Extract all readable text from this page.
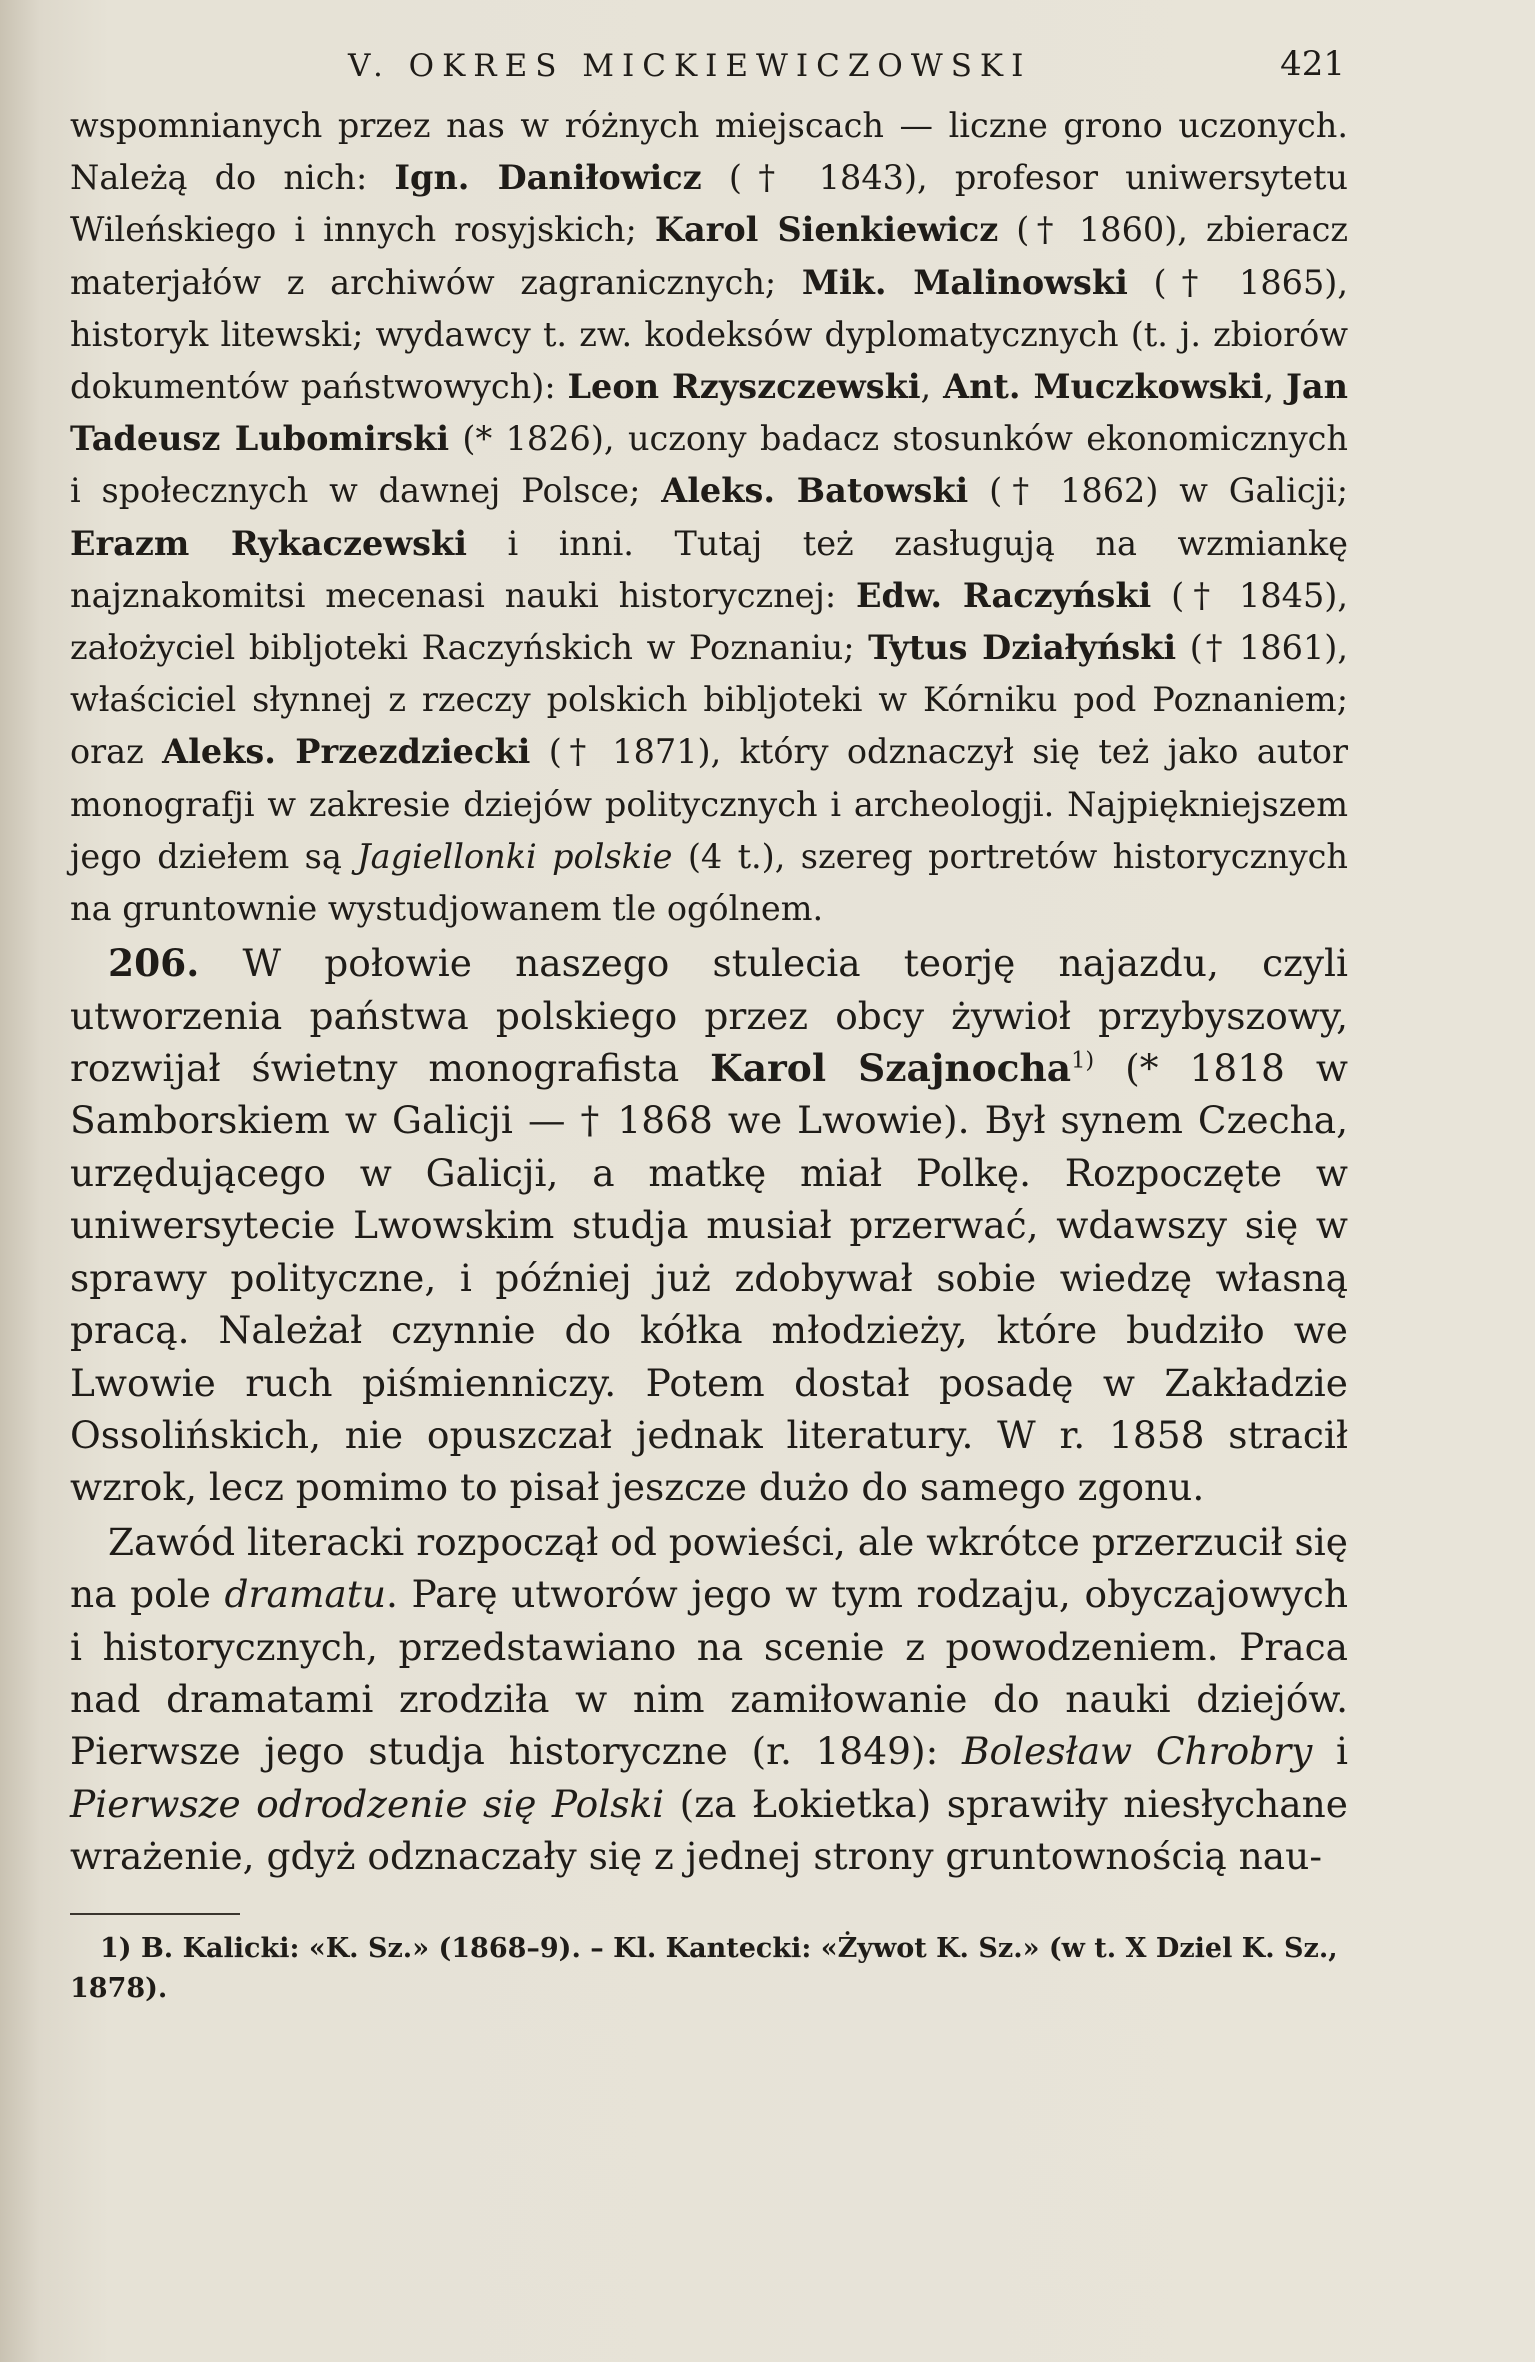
V. OKRES MICKIEWICZOWSKI	421

wspomnianych przez nas w różnych miejscach — liczne grono uczonych. Należą do nich: Ign. Daniłowicz († 1843), profesor uniwersytetu Wileńskiego i innych rosyjskich; Karol Sienkiewicz († 1860), zbieracz materjałów z archiwów zagranicznych; Mik. Malinowski († 1865), historyk litewski; wydawcy t. zw. kodeksów dyplomatycznych (t. j. zbiorów dokumentów państwowych): Leon Rzyszczewski, Ant. Muczkowski, Jan Tadeusz Lubomirski (* 1826), uczony badacz stosunków ekonomicznych i społecznych w dawnej Polsce; Aleks. Batowski († 1862) w Galicji; Erazm Rykaczewski i inni. Tutaj też zasługują na wzmiankę najznakomitsi mecenasi nauki historycznej: Edw. Raczyński († 1845), założyciel bibljoteki Raczyńskich w Poznaniu; Tytus Działyński († 1861), właściciel słynnej z rzeczy polskich bibljoteki w Kórniku pod Poznaniem; oraz Aleks. Przezdziecki († 1871), który odznaczył się też jako autor monografji w zakresie dziejów politycznych i archeologji. Najpiękniejszem jego dziełem są Jagiellonki polskie (4 t.), szereg portretów historycznych na gruntownie wystudjowanem tle ogólnem.

206. W połowie naszego stulecia teorję najazdu, czyli utworzenia państwa polskiego przez obcy żywioł przybyszowy, rozwijał świetny monografista Karol Szajnocha$^{1)}$ (* 1818 w Samborskiem w Galicji — † 1868 we Lwowie). Był synem Czecha, urzędującego w Galicji, a matkę miał Polkę. Rozpoczęte w uniwersytecie Lwowskim studja musiał przerwać, wdawszy się w sprawy polityczne, i później już zdobywał sobie wiedzę własną pracą. Należał czynnie do kółka młodzieży, które budziło we Lwowie ruch piśmienniczy. Potem dostał posadę w Zakładzie Ossolińskich, nie opuszczał jednak literatury. W r. 1858 stracił wzrok, lecz pomimo to pisał jeszcze dużo do samego zgonu.

Zawód literacki rozpoczął od powieści, ale wkrótce przerzucił się na pole dramatu. Parę utworów jego w tym rodzaju, obyczajowych i historycznych, przedstawiano na scenie z powodzeniem. Praca nad dramatami zrodziła w nim zamiłowanie do nauki dziejów. Pierwsze jego studja historyczne (r. 1849): Bolesław Chrobry i Pierwsze odrodzenie się Polski (za Łokietka) sprawiły niesłychane wrażenie, gdyż odznaczały się z jednej strony gruntownością nau-

1) B. Kalicki: «K. Sz.» (1868–9). – Kl. Kantecki: «Żywot K. Sz.» (w t. X Dziel K. Sz., 1878).
